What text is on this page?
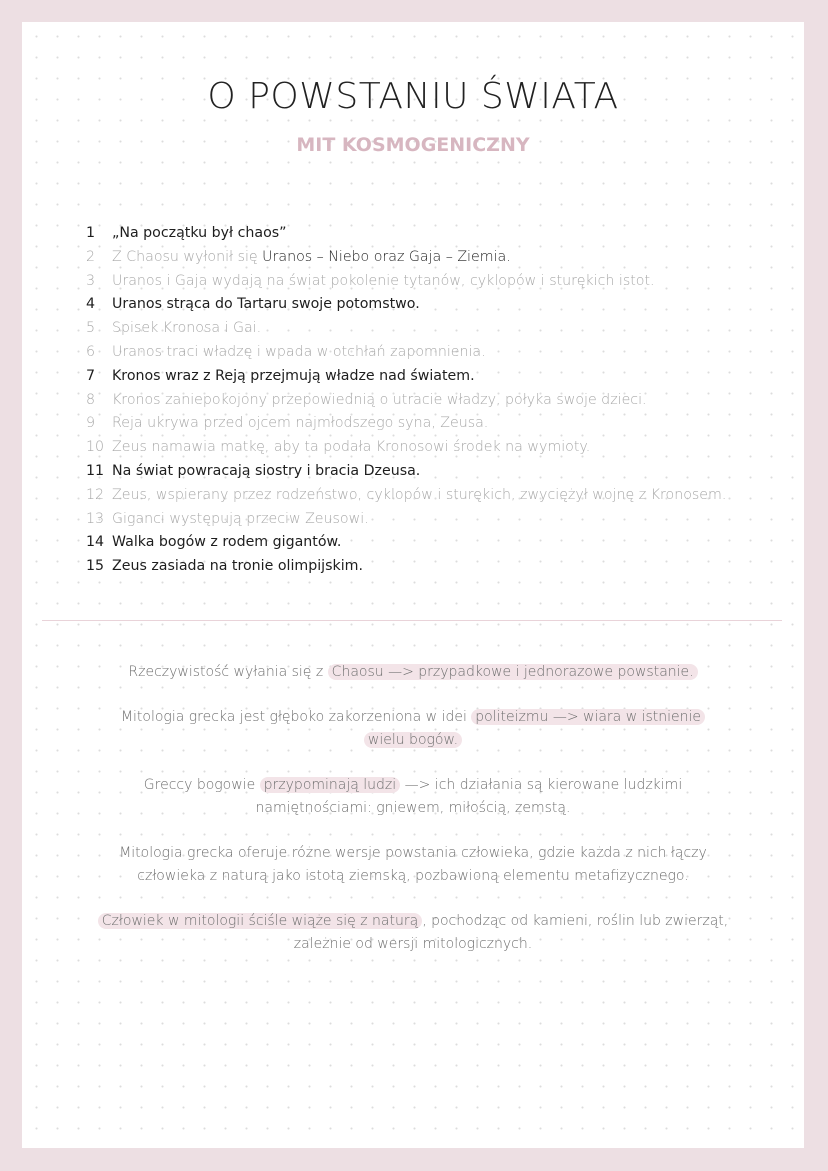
O POWSTANIU ŚWIATA
MIT KOSMOGENICZNY
1	„Na początku był chaos”
2	Z Chaosu wyłonił się Uranos – Niebo oraz Gaja – Ziemia.
3	Uranos i Gaja wydają na świat pokolenie tytanów, cyklopów i sturękich istot.
4	Uranos strąca do Tartaru swoje potomstwo.
5	Spisek Kronosa i Gai.
6	Uranos traci władzę i wpada w otchłań zapomnienia.
7	Kronos wraz z Reją przejmują władze nad światem.
8	Kronos zaniepokojony przepowiednią o utracie władzy, połyka swoje dzieci.
9	Reja ukrywa przed ojcem najmłodszego syna, Zeusa.
10 Zeus namawia matkę, aby ta podała Kronosowi środek na wymioty.
11 Na świat powracają siostry i bracia Dzeusa.
12 Zeus, wspierany przez rodzeństwo, cyklopów i sturękich, zwyciężył wojnę z Kronosem.
13 Giganci występują przeciw Zeusowi.
14 Walka bogów z rodem gigantów.
15 Zeus zasiada na tronie olimpijskim.

Rzeczywistość wyłania się z Chaosu —> przypadkowe i jednorazowe powstanie.

Mitologia grecka jest głęboko zakorzeniona w idei politeizmu —> wiara w istnienie
wielu bogów.

Greccy bogowie przypominają ludzi —> ich działania są kierowane ludzkimi namiętnościami: gniewem, miłością, zemstą.

Mitologia grecka oferuje różne wersje powstania człowieka, gdzie każda z nich łączy człowieka z naturą jako istotą ziemską, pozbawioną elementu metafizycznego.

Człowiek w mitologii ściśle wiąże się z naturą , pochodząc od kamieni, roślin lub zwierząt, zależnie od wersji mitologicznych.
